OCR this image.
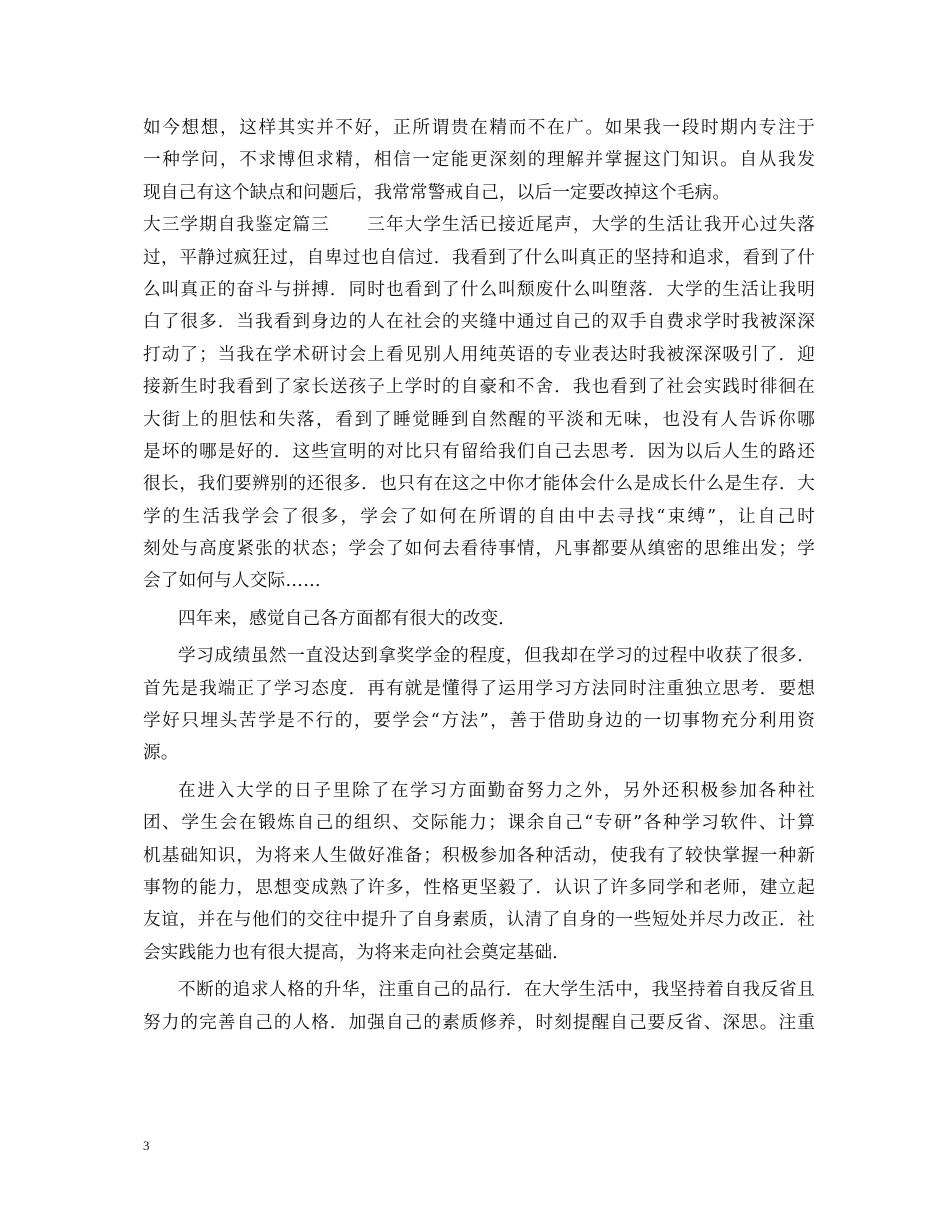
如今想想，这样其实并不好，正所谓贵在精而不在广。如果我一段时期内专注于
一种学问，不求博但求精，相信一定能更深刻的理解并掌握这门知识。自从我发
现自己有这个缺点和问题后，我常常警戒自己，以后一定要改掉这个毛病。
大三学期自我鉴定篇三　　三年大学生活已接近尾声，大学的生活让我开心过失落
过，平静过疯狂过，自卑过也自信过．我看到了什么叫真正的坚持和追求，看到了什
么叫真正的奋斗与拼搏．同时也看到了什么叫颓废什么叫堕落．大学的生活让我明
白了很多．当我看到身边的人在社会的夹缝中通过自己的双手自费求学时我被深深
打动了；当我在学术研讨会上看见别人用纯英语的专业表达时我被深深吸引了．迎
接新生时我看到了家长送孩子上学时的自豪和不舍．我也看到了社会实践时徘徊在
大街上的胆怯和失落，看到了睡觉睡到自然醒的平淡和无味，也没有人告诉你哪
是坏的哪是好的．这些宣明的对比只有留给我们自己去思考．因为以后人生的路还
很长，我们要辨别的还很多．也只有在这之中你才能体会什么是成长什么是生存．大
学的生活我学会了很多，学会了如何在所谓的自由中去寻找“束缚”，让自己时
刻处与高度紧张的状态；学会了如何去看待事情，凡事都要从缜密的思维出发；学
会了如何与人交际……
四年来，感觉自己各方面都有很大的改变．
学习成绩虽然一直没达到拿奖学金的程度，但我却在学习的过程中收获了很多．
首先是我端正了学习态度．再有就是懂得了运用学习方法同时注重独立思考．要想
学好只埋头苦学是不行的，要学会“方法”，善于借助身边的一切事物充分利用资
源。
在进入大学的日子里除了在学习方面勤奋努力之外，另外还积极参加各种社
团、学生会在锻炼自己的组织、交际能力；课余自己“专研”各种学习软件、计算
机基础知识，为将来人生做好准备；积极参加各种活动，使我有了较快掌握一种新
事物的能力，思想变成熟了许多，性格更坚毅了．认识了许多同学和老师，建立起
友谊，并在与他们的交往中提升了自身素质，认清了自身的一些短处并尽力改正．社
会实践能力也有很大提高，为将来走向社会奠定基础．
不断的追求人格的升华，注重自己的品行．在大学生活中，我坚持着自我反省且
努力的完善自己的人格．加强自己的素质修养，时刻提醒自己要反省、深思。注重
3
